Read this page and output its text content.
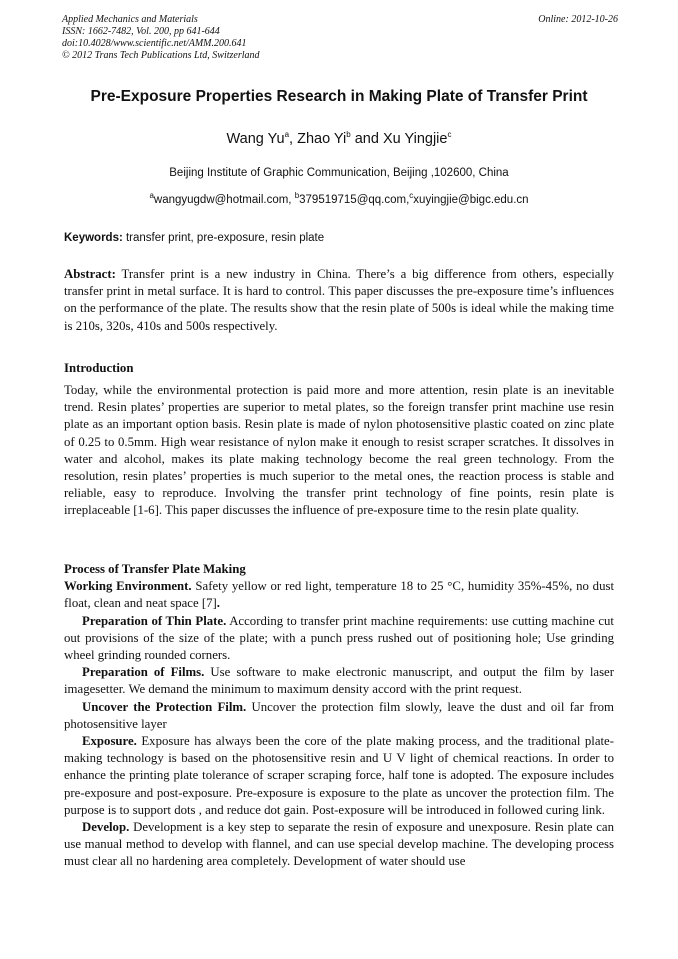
Applied Mechanics and Materials
ISSN: 1662-7482, Vol. 200, pp 641-644
doi:10.4028/www.scientific.net/AMM.200.641
© 2012 Trans Tech Publications Ltd, Switzerland
Online: 2012-10-26
Pre-Exposure Properties Research in Making Plate of Transfer Print
Wang Yu$^a$, Zhao Yi$^b$ and Xu Yingjie$^c$
Beijing Institute of Graphic Communication, Beijing ,102600, China
$^a$wangyugdw@hotmail.com, $^b$379519715@qq.com,$^c$xuyingjie@bigc.edu.cn
Keywords: transfer print, pre-exposure, resin plate
Abstract: Transfer print is a new industry in China. There’s a big difference from others, especially transfer print in metal surface. It is hard to control. This paper discusses the pre-exposure time’s influences on the performance of the plate. The results show that the resin plate of 500s is ideal while the making time is 210s, 320s, 410s and 500s respectively.
Introduction
Today, while the environmental protection is paid more and more attention, resin plate is an inevitable trend. Resin plates’ properties are superior to metal plates, so the foreign transfer print machine use resin plate as an important option basis. Resin plate is made of nylon photosensitive plastic coated on zinc plate of 0.25 to 0.5mm. High wear resistance of nylon make it enough to resist scraper scratches. It dissolves in water and alcohol, makes its plate making technology become the real green technology. From the resolution, resin plates’ properties is much superior to the metal ones, the reaction process is stable and reliable, easy to reproduce. Involving the transfer print technology of fine points, resin plate is irreplaceable [1-6]. This paper discusses the influence of pre-exposure time to the resin plate quality.
Process of Transfer Plate Making

Working Environment. Safety yellow or red light, temperature 18 to 25 °C, humidity 35%-45%, no dust float, clean and neat space [7].

Preparation of Thin Plate. According to transfer print machine requirements: use cutting machine cut out provisions of the size of the plate; with a punch press rushed out of positioning hole; Use grinding wheel grinding rounded corners.

Preparation of Films. Use software to make electronic manuscript, and output the film by laser imagesetter. We demand the minimum to maximum density accord with the print request.

Uncover the Protection Film. Uncover the protection film slowly, leave the dust and oil far from photosensitive layer

Exposure. Exposure has always been the core of the plate making process, and the traditional plate-making technology is based on the photosensitive resin and U V light of chemical reactions. In order to enhance the printing plate tolerance of scraper scraping force, half tone is adopted. The exposure includes pre-exposure and post-exposure. Pre-exposure is exposure to the plate as uncover the protection film. The purpose is to support dots , and reduce dot gain. Post-exposure will be introduced in followed curing link.

Develop. Development is a key step to separate the resin of exposure and unexposure. Resin plate can use manual method to develop with flannel, and can use special develop machine. The developing process must clear all no hardening area completely. Development of water should use
